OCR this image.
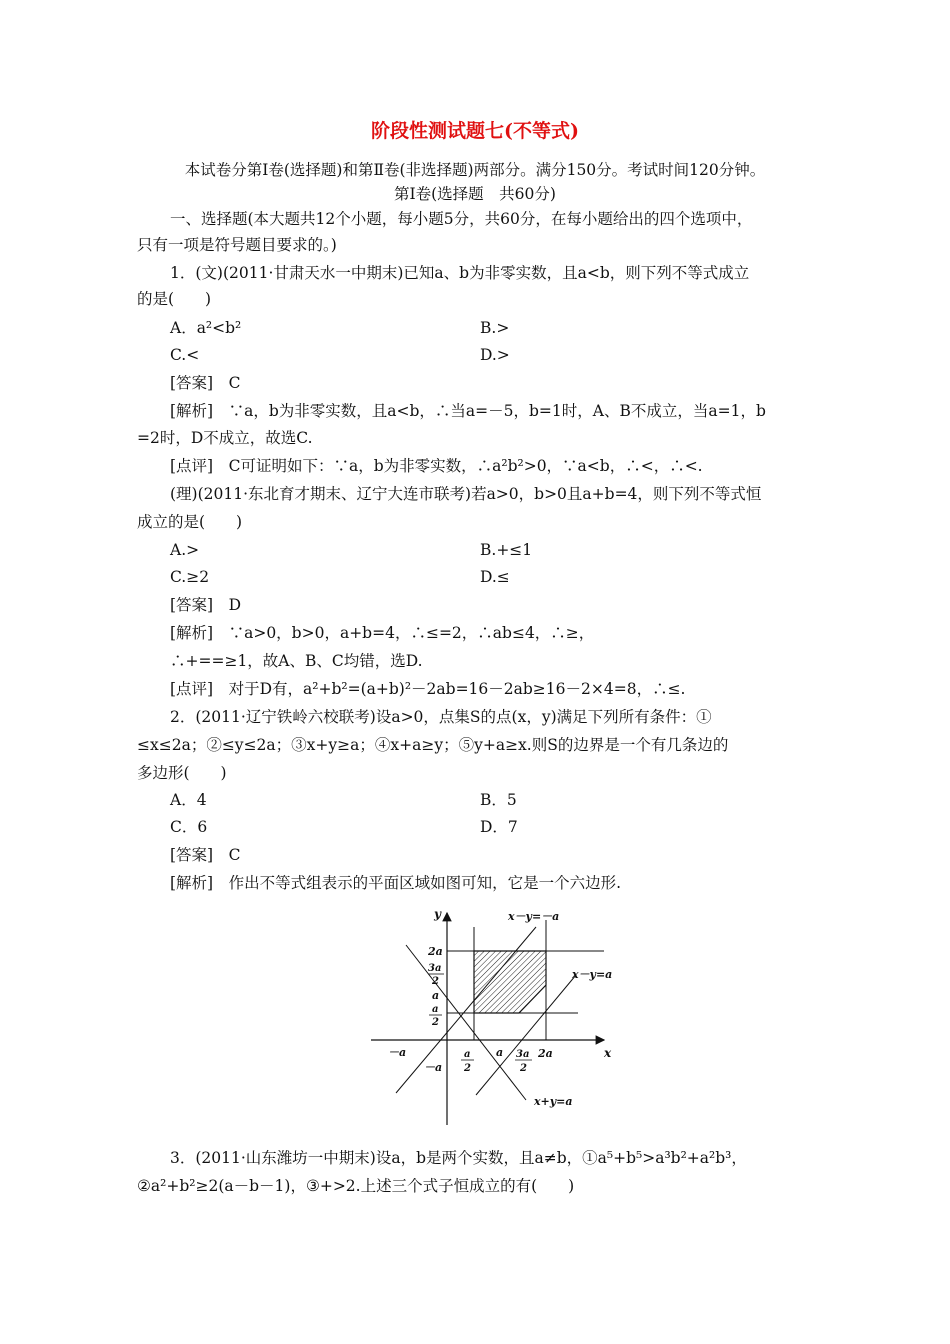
阶段性测试题七(不等式)
本试卷分第Ⅰ卷(选择题)和第Ⅱ卷(非选择题)两部分。满分150分。考试时间120分钟。
第Ⅰ卷(选择题　共60分)
一、选择题(本大题共12个小题，每小题5分，共60分，在每小题给出的四个选项中，
只有一项是符号题目要求的。)
1．(文)(2011·甘肃天水一中期末)已知a、b为非零实数，且a<b，则下列不等式成立
的是(　　)
A．a²<b²	B.>
C.<	D.>
[答案]　C
[解析]　∵a，b为非零实数，且a<b，∴当a=－5，b=1时，A、B不成立，当a=1，b
=2时，D不成立，故选C.
[点评]　C可证明如下：∵a，b为非零实数，∴a²b²>0，∵a<b，∴<，∴<.
(理)(2011·东北育才期末、辽宁大连市联考)若a>0，b>0且a+b=4，则下列不等式恒
成立的是(　　)
A.>	B.+≤1
C.≥2	D.≤
[答案]　D
[解析]　∵a>0，b>0，a+b=4，∴≤=2，∴ab≤4，∴≥，
∴+==≥1，故A、B、C均错，选D.
[点评]　对于D有，a²+b²=(a+b)²－2ab=16－2ab≥16－2×4=8，∴≤.
2．(2011·辽宁铁岭六校联考)设a>0，点集S的点(x，y)满足下列所有条件：①
≤x≤2a；②≤y≤2a；③x+y≥a；④x+a≥y；⑤y+a≥x.则S的边界是一个有几条边的
多边形(　　)
A．4	B．5
C．6	D．7
[答案]　C
[解析]　作出不等式组表示的平面区域如图可知，它是一个六边形.
x
y	x－y=－a
x－y=a
x+y=a
2a
3a
2
a
a
2
－a
－a	a
2
a 3a
2
2a
3．(2011·山东潍坊一中期末)设a，b是两个实数，且a≠b，①a⁵+b⁵>a³b²+a²b³，
②a²+b²≥2(a－b－1)，③+>2.上述三个式子恒成立的有(　　)
